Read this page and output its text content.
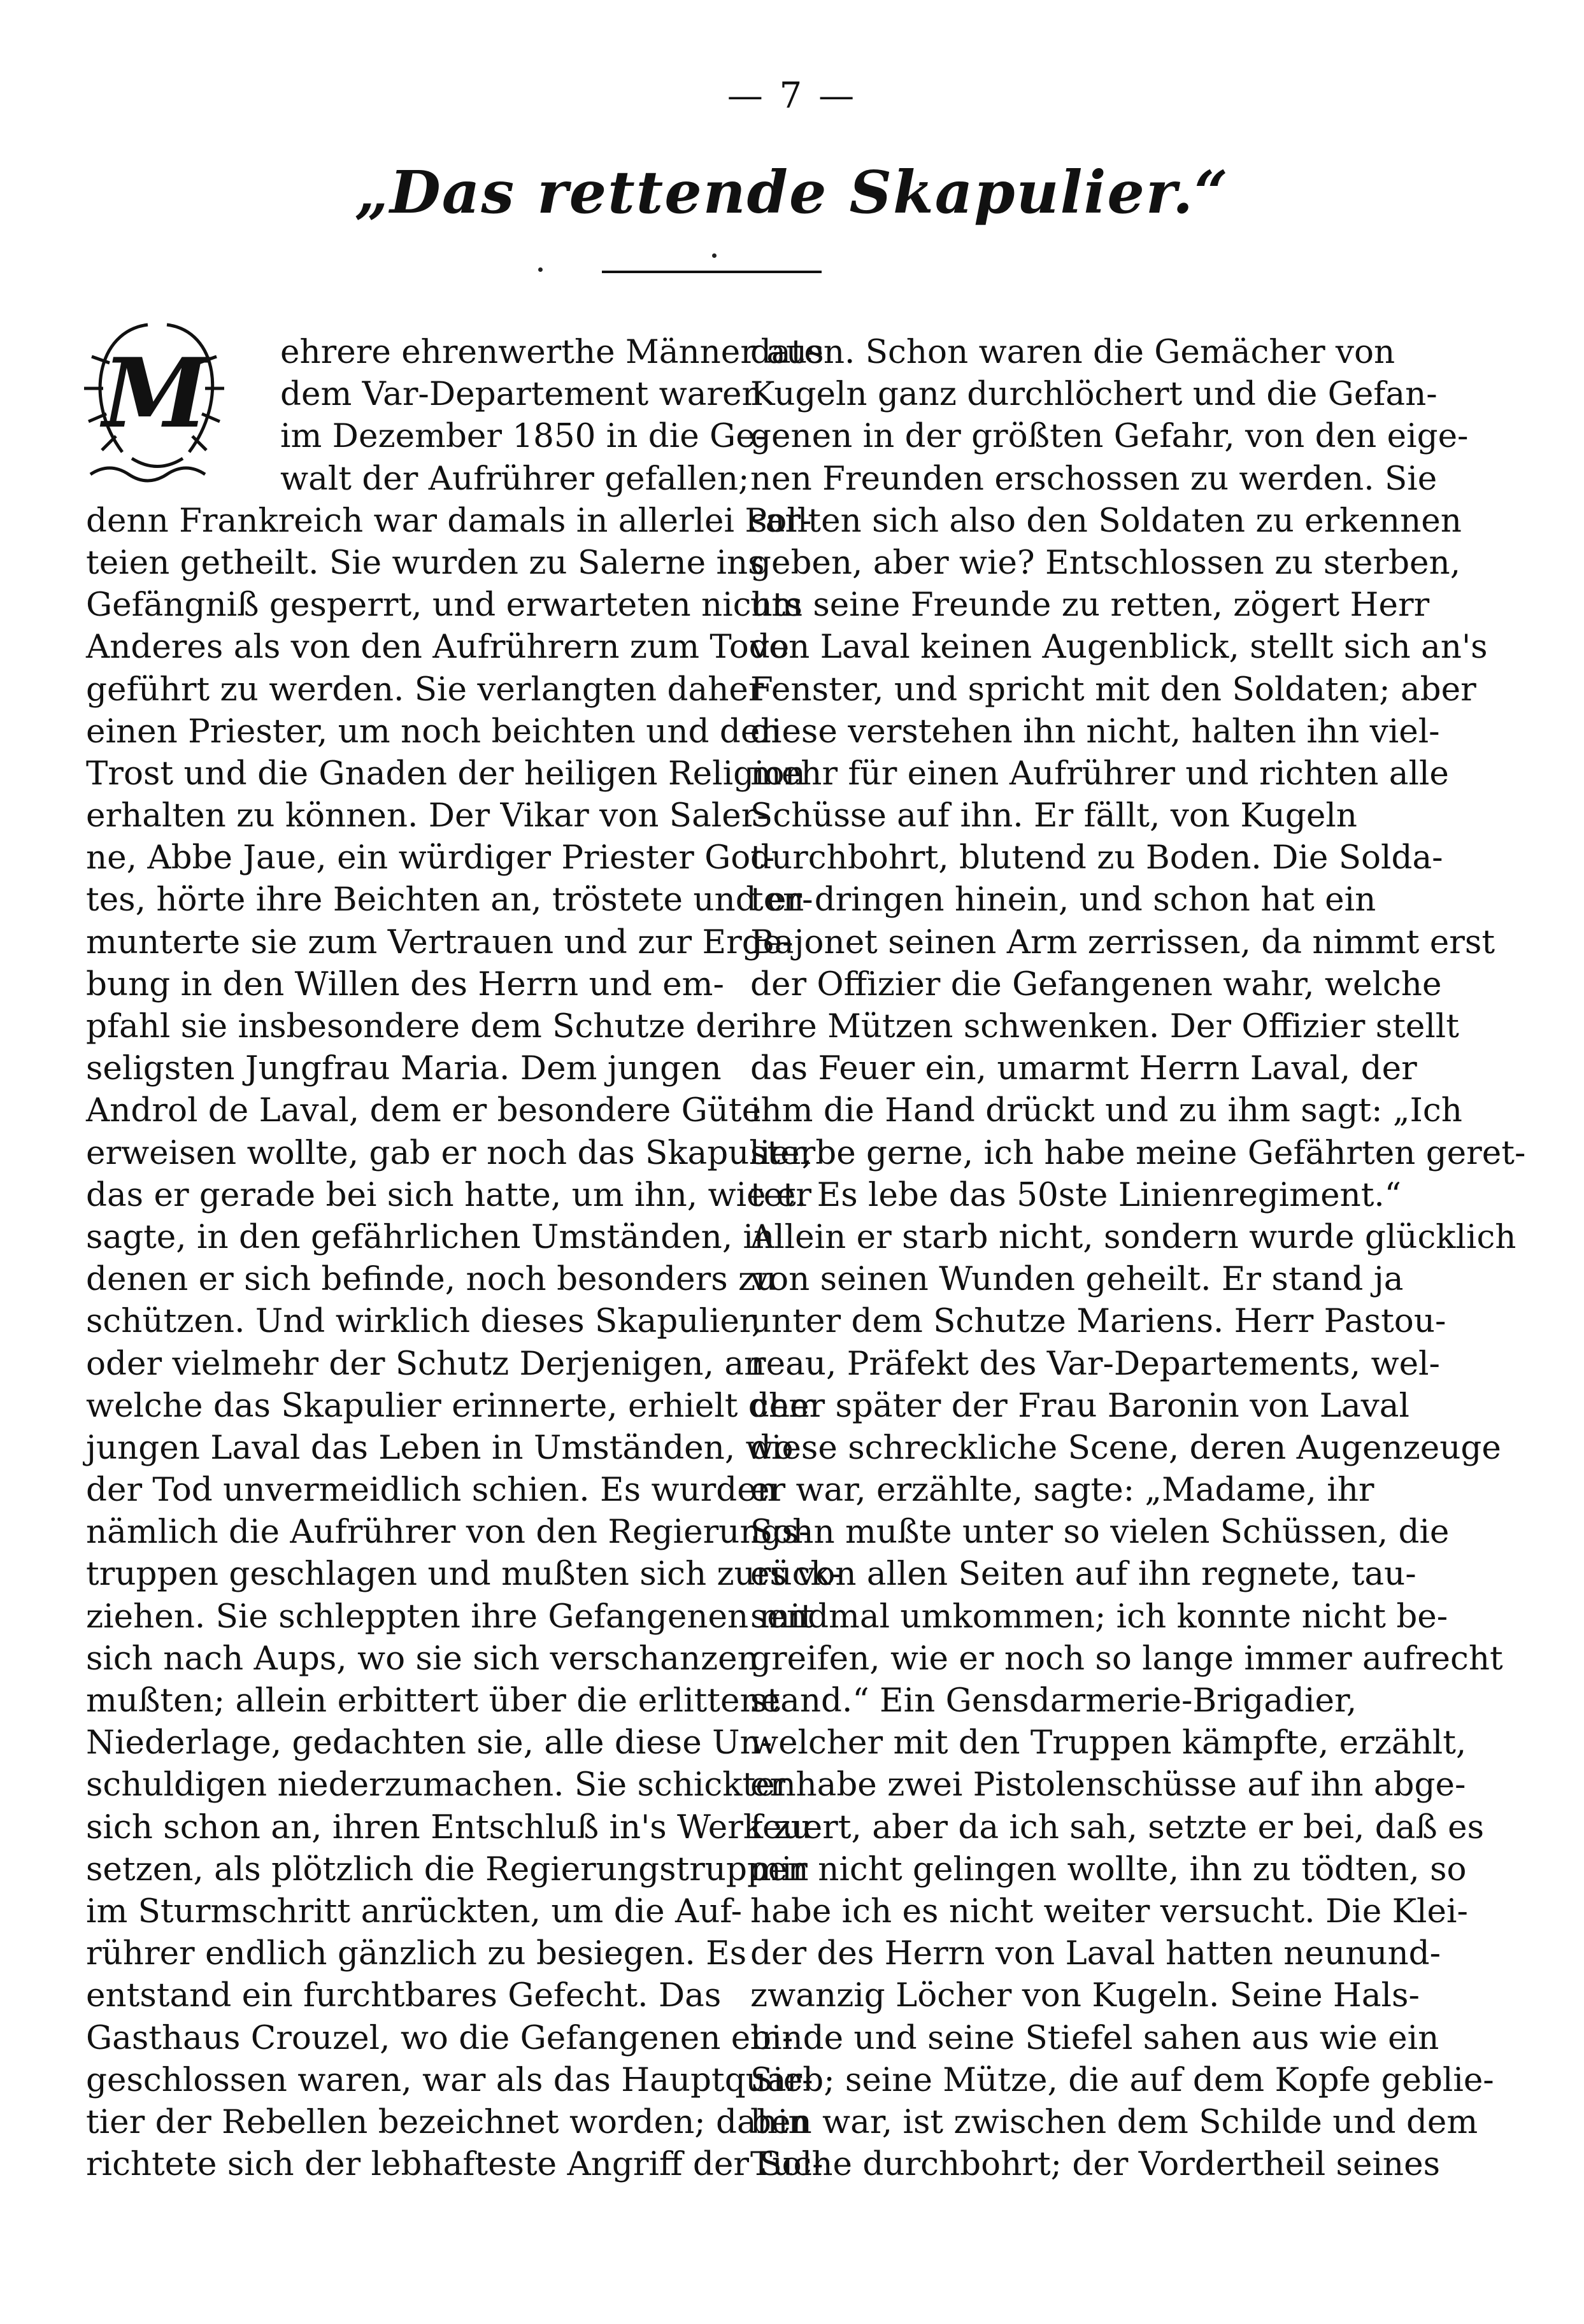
— 7 —
„Das rettende Skapulier.“
M	ehrere ehrenwerthe Männer aus
dem Var-Departement waren
im Dezember 1850 in die Ge-
walt der Aufrührer gefallen;
denn Frankreich war damals in allerlei Par-
teien getheilt. Sie wurden zu Salerne ins
Gefängniß gesperrt, und erwarteten nichts
Anderes als von den Aufrührern zum Tode
geführt zu werden. Sie verlangten daher
einen Priester, um noch beichten und den
Trost und die Gnaden der heiligen Religion
erhalten zu können. Der Vikar von Saler-
ne, Abbe Jaue, ein würdiger Priester Got-
tes, hörte ihre Beichten an, tröstete und er-
munterte sie zum Vertrauen und zur Erge-
bung in den Willen des Herrn und em-
pfahl sie insbesondere dem Schutze der
seligsten Jungfrau Maria. Dem jungen
Androl de Laval, dem er besondere Güte
erweisen wollte, gab er noch das Skapulier,
das er gerade bei sich hatte, um ihn, wie er
sagte, in den gefährlichen Umständen, in
denen er sich befinde, noch besonders zu
schützen. Und wirklich dieses Skapulier,
oder vielmehr der Schutz Derjenigen, an
welche das Skapulier erinnerte, erhielt dem
jungen Laval das Leben in Umständen, wo
der Tod unvermeidlich schien. Es wurden
nämlich die Aufrührer von den Regierungs-
truppen geschlagen und mußten sich zurück-
ziehen. Sie schleppten ihre Gefangenen mit
sich nach Aups, wo sie sich verschanzen
mußten; allein erbittert über die erlittene
Niederlage, gedachten sie, alle diese Un-
schuldigen niederzumachen. Sie schickten
sich schon an, ihren Entschluß in's Werk zu
setzen, als plötzlich die Regierungstruppen
im Sturmschritt anrückten, um die Auf-
rührer endlich gänzlich zu besiegen. Es
entstand ein furchtbares Gefecht. Das
Gasthaus Crouzel, wo die Gefangenen ein-
geschlossen waren, war als das Hauptquar-
tier der Rebellen bezeichnet worden; dahin
richtete sich der lebhafteste Angriff der Sol-
daten. Schon waren die Gemächer von
Kugeln ganz durchlöchert und die Gefan-
genen in der größten Gefahr, von den eige-
nen Freunden erschossen zu werden. Sie
sollten sich also den Soldaten zu erkennen
geben, aber wie? Entschlossen zu sterben,
um seine Freunde zu retten, zögert Herr
von Laval keinen Augenblick, stellt sich an's
Fenster, und spricht mit den Soldaten; aber
diese verstehen ihn nicht, halten ihn viel-
mehr für einen Aufrührer und richten alle
Schüsse auf ihn. Er fällt, von Kugeln
durchbohrt, blutend zu Boden. Die Solda-
ten dringen hinein, und schon hat ein
Bajonet seinen Arm zerrissen, da nimmt erst
der Offizier die Gefangenen wahr, welche
ihre Mützen schwenken. Der Offizier stellt
das Feuer ein, umarmt Herrn Laval, der
ihm die Hand drückt und zu ihm sagt: „Ich
sterbe gerne, ich habe meine Gefährten geret-
tet. Es lebe das 50ste Linienregiment.“
Allein er starb nicht, sondern wurde glücklich
von seinen Wunden geheilt. Er stand ja
unter dem Schutze Mariens. Herr Pastou-
reau, Präfekt des Var-Departements, wel-
cher später der Frau Baronin von Laval
diese schreckliche Scene, deren Augenzeuge
er war, erzählte, sagte: „Madame, ihr
Sohn mußte unter so vielen Schüssen, die
es von allen Seiten auf ihn regnete, tau-
sendmal umkommen; ich konnte nicht be-
greifen, wie er noch so lange immer aufrecht
stand.“ Ein Gensdarmerie-Brigadier,
welcher mit den Truppen kämpfte, erzählt,
er habe zwei Pistolenschüsse auf ihn abge-
feuert, aber da ich sah, setzte er bei, daß es
mir nicht gelingen wollte, ihn zu tödten, so
habe ich es nicht weiter versucht. Die Klei-
der des Herrn von Laval hatten neunund-
zwanzig Löcher von Kugeln. Seine Hals-
binde und seine Stiefel sahen aus wie ein
Sieb; seine Mütze, die auf dem Kopfe geblie-
ben war, ist zwischen dem Schilde und dem
Tuche durchbohrt; der Vordertheil seines
